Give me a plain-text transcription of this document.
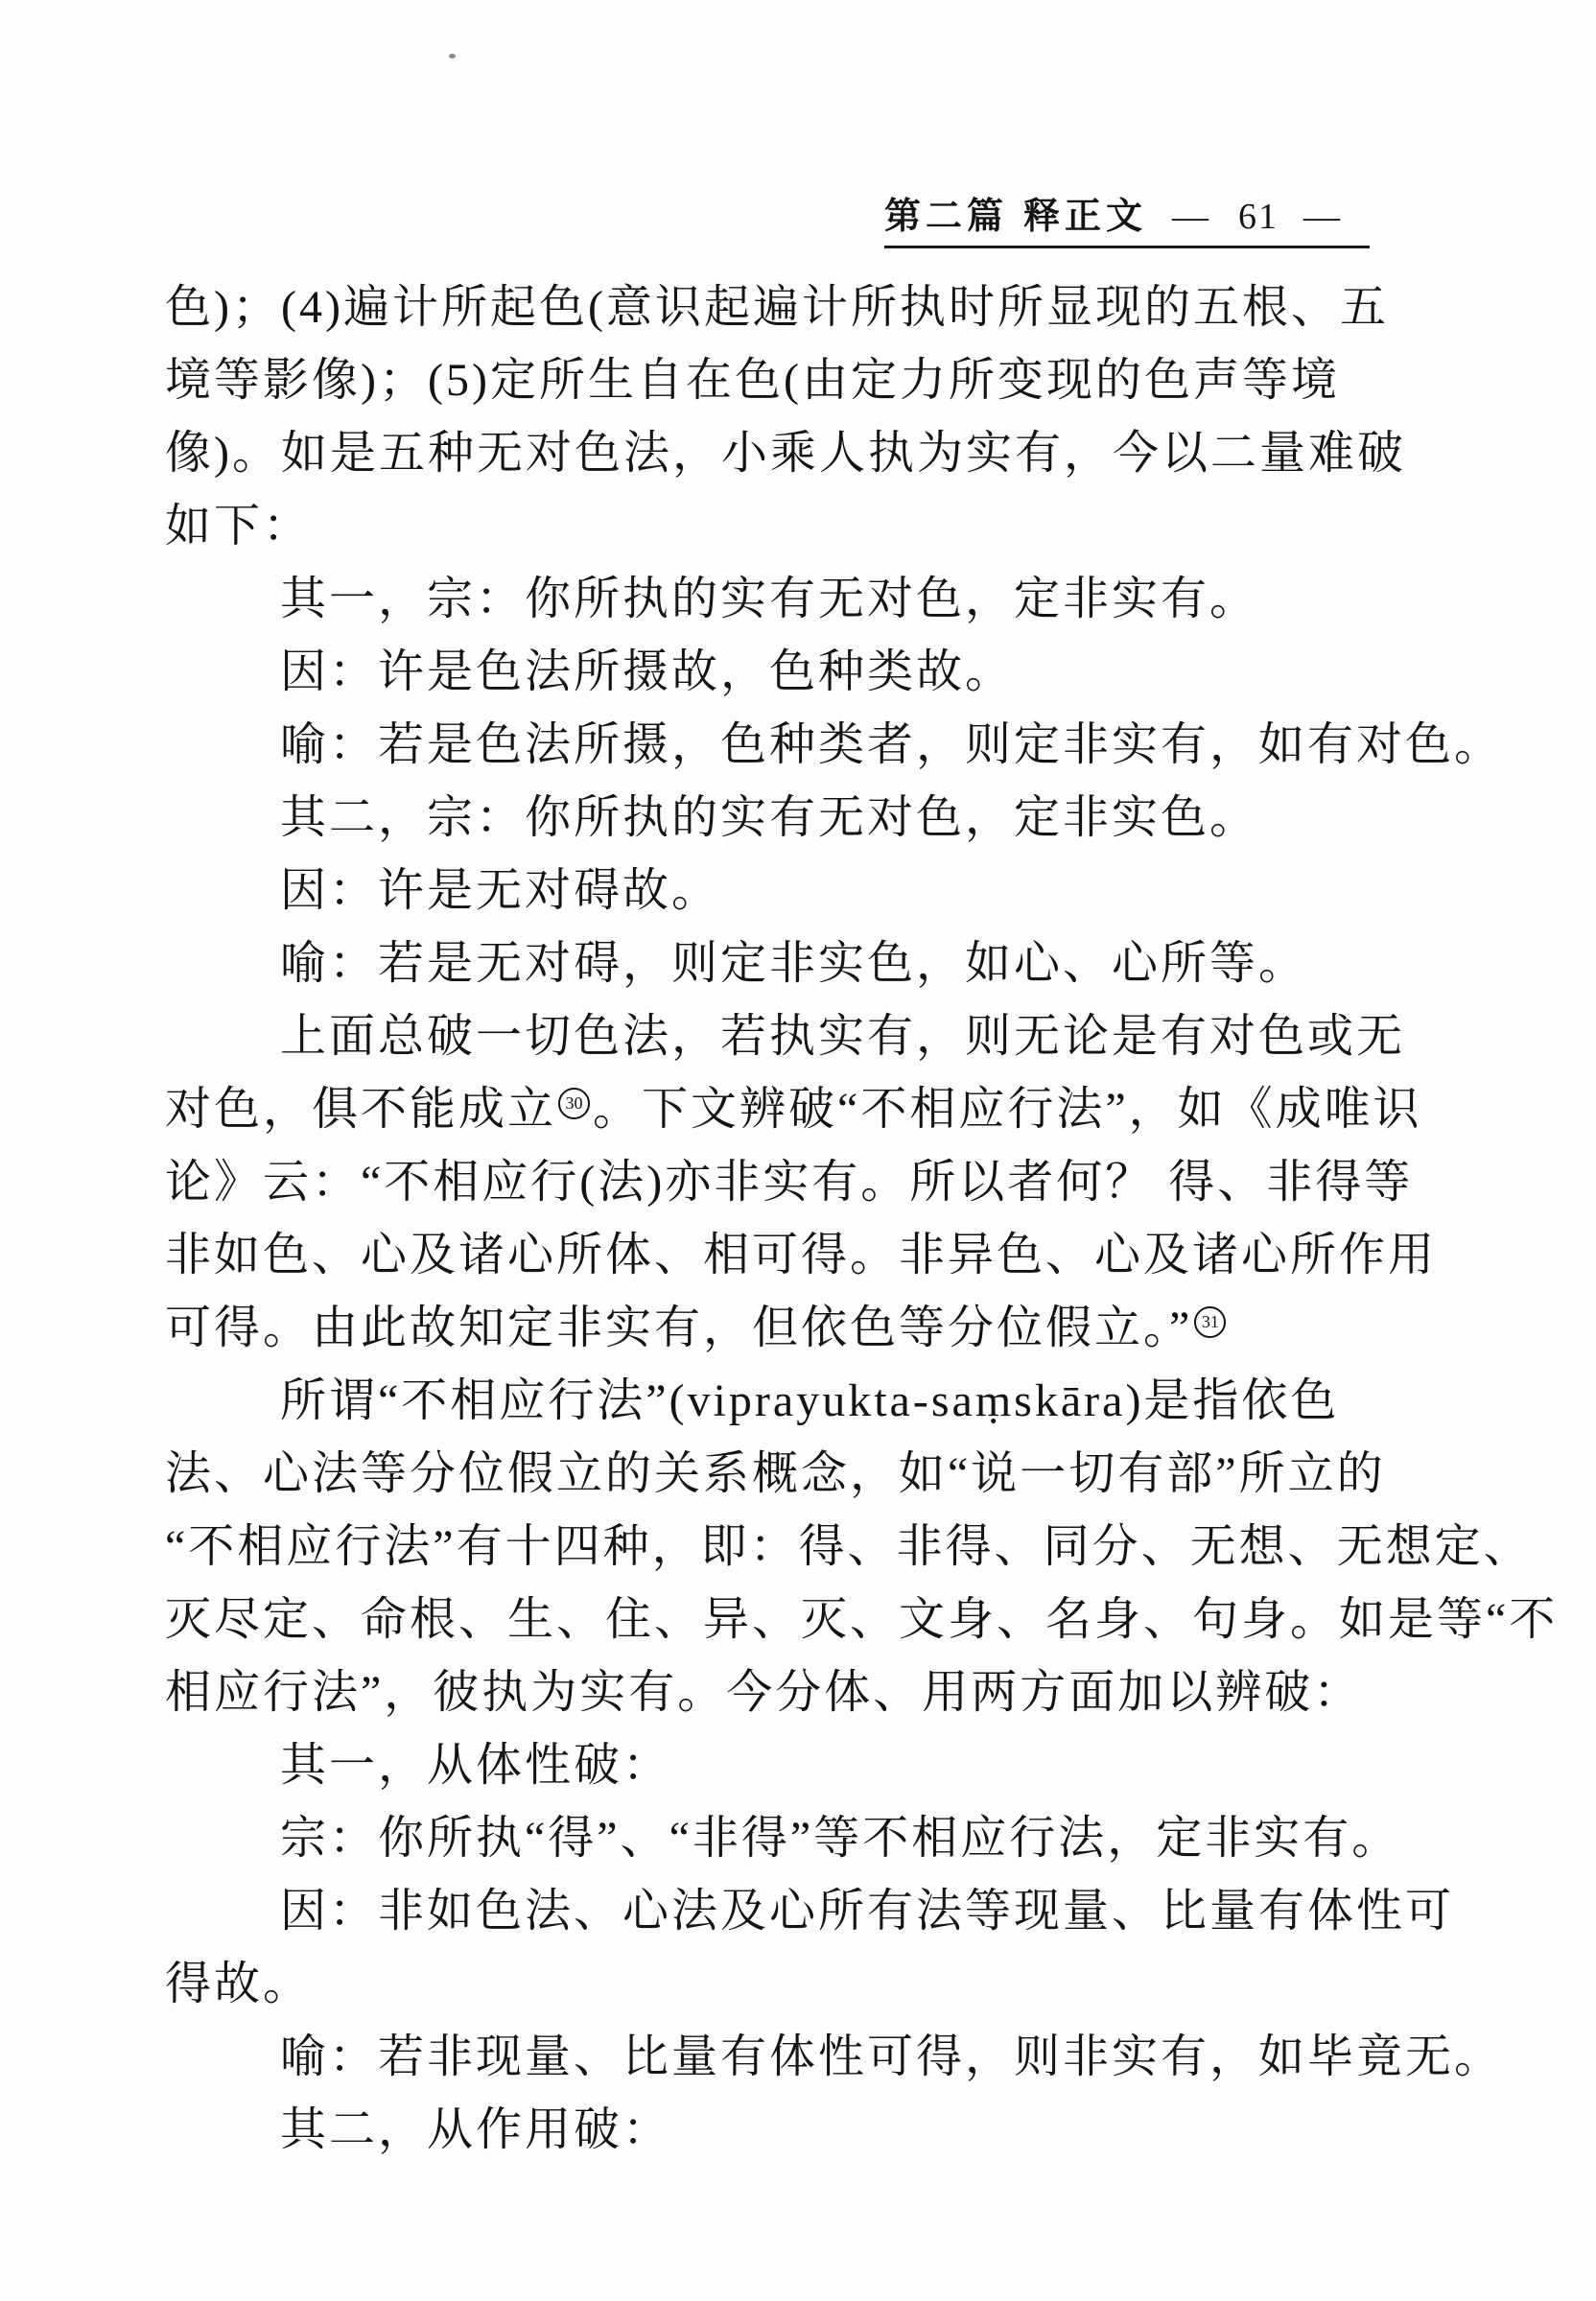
第二篇 释正文 — 61 —
色)；(4)遍计所起色(意识起遍计所执时所显现的五根、五
境等影像)；(5)定所生自在色(由定力所变现的色声等境
像)。如是五种无对色法，小乘人执为实有，今以二量难破
如下：
其一，宗：你所执的实有无对色，定非实有。
因：许是色法所摄故，色种类故。
喻：若是色法所摄，色种类者，则定非实有，如有对色。
其二，宗：你所执的实有无对色，定非实色。
因：许是无对碍故。
喻：若是无对碍，则定非实色，如心、心所等。
上面总破一切色法，若执实有，则无论是有对色或无
对色，俱不能成立 30 。下文辨破“不相应行法”，如《成唯识
论》云：“不相应行(法)亦非实有。所以者何？ 得、非得等
非如色、心及诸心所体、相可得。非异色、心及诸心所作用
可得。由此故知定非实有，但依色等分位假立。” 31
所谓“不相应行法”(viprayukta-saṃskāra)是指依色
法、心法等分位假立的关系概念，如“说一切有部”所立的
“不相应行法”有十四种，即：得、非得、同分、无想、无想定、
灭尽定、命根、生、住、异、灭、文身、名身、句身。如是等“不
相应行法”，彼执为实有。今分体、用两方面加以辨破：
其一，从体性破：
宗：你所执“得”、“非得”等不相应行法，定非实有。
因：非如色法、心法及心所有法等现量、比量有体性可
得故。
喻：若非现量、比量有体性可得，则非实有，如毕竟无。
其二，从作用破：
